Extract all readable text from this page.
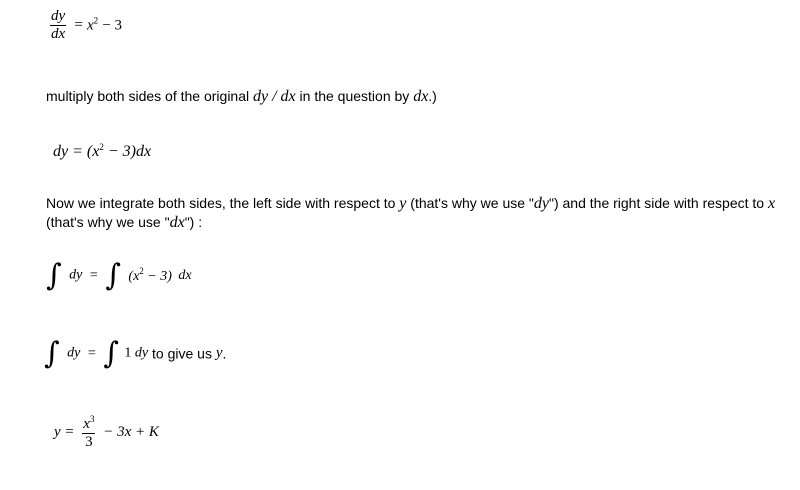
$\frac{dy}{dx} = x^2 - 3$
multiply both sides of the original dy / dx in the question by dx.)
dy = $(x^2 - 3)dx$
Now we integrate both sides, the left side with respect to y (that's why we use "dy") and the right side with respect to x
(that's why we use "dx") :
∫ dy = ∫ $(x^2 - 3)$ dx
∫ dy = ∫ 1 dy to give us y.
$y = \frac{x^3}{3} - 3x + K$
